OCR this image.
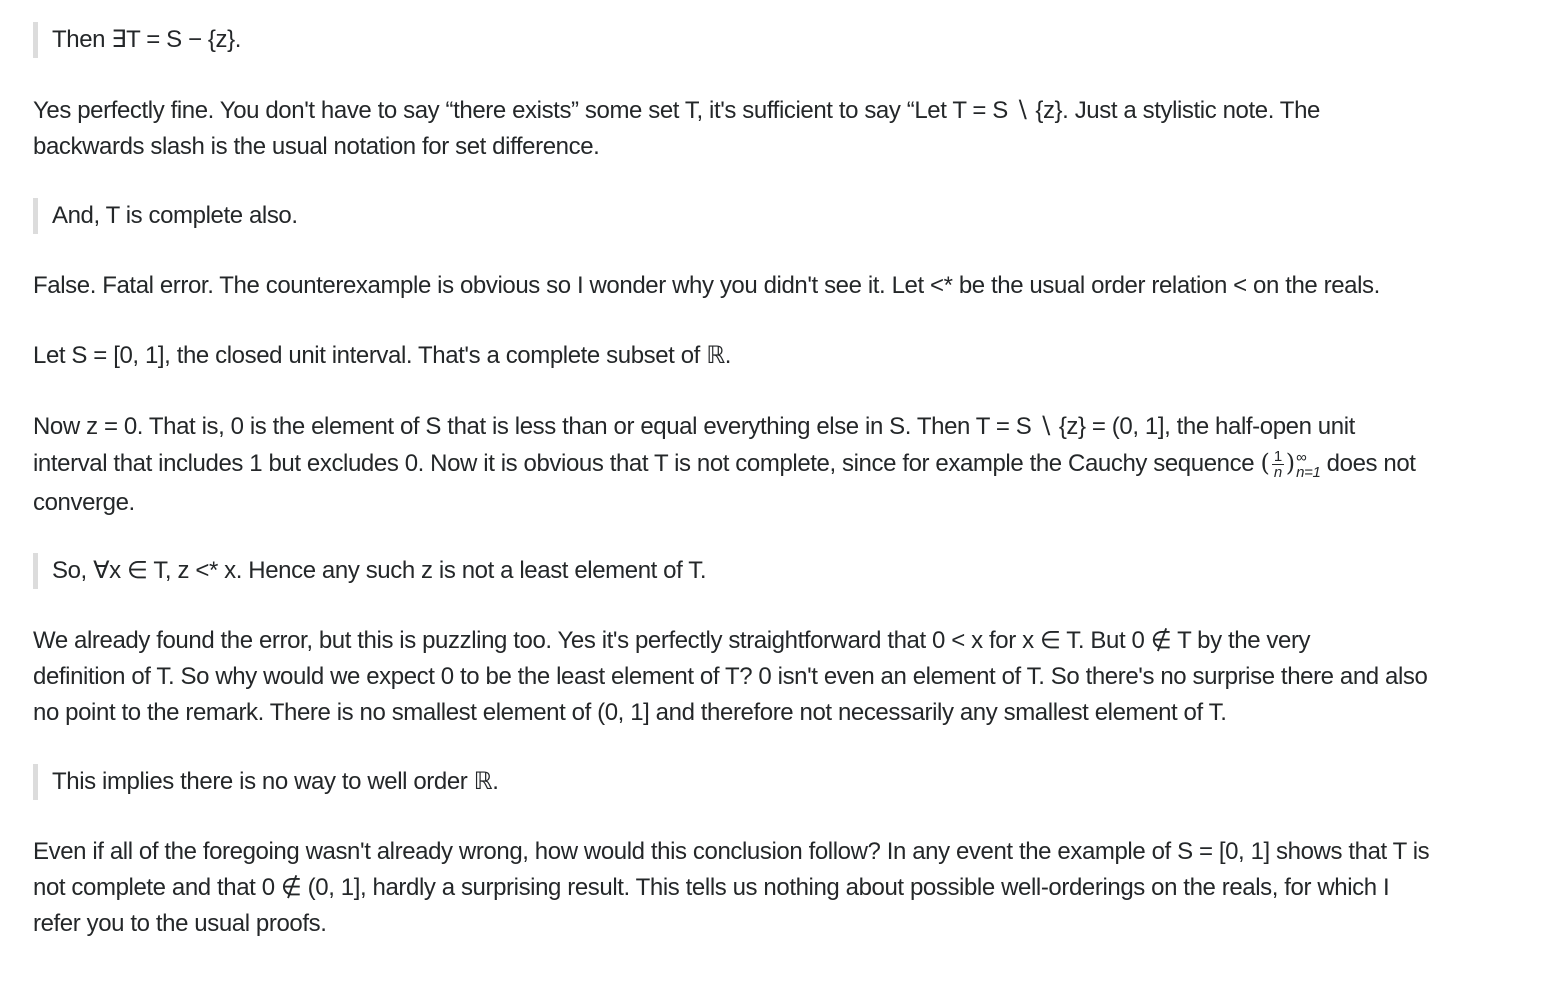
Then ∃T = S − {z}.
Yes perfectly fine. You don't have to say “there exists” some set T, it's sufficient to say “Let T = S ∖ {z}. Just a stylistic note. The
backwards slash is the usual notation for set difference.
And, T is complete also.
False. Fatal error. The counterexample is obvious so I wonder why you didn't see it. Let <* be the usual order relation < on the reals.
Let S = [0, 1], the closed unit interval. That's a complete subset of ℝ.
Now z = 0. That is, 0 is the element of S that is less than or equal everything else in S. Then T = S ∖ {z} = (0, 1], the half-open unit
interval that includes 1 but excludes 0. Now it is obvious that T is not complete, since for example the Cauchy sequence ( $\frac{1}{n}$ ) ∞
n=1 does not
converge.
So, ∀x ∈ T, z <* x. Hence any such z is not a least element of T.
We already found the error, but this is puzzling too. Yes it's perfectly straightforward that 0 < x for x ∈ T. But 0 ∉ T by the very
definition of T. So why would we expect 0 to be the least element of T? 0 isn't even an element of T. So there's no surprise there and also
no point to the remark. There is no smallest element of (0, 1] and therefore not necessarily any smallest element of T.
This implies there is no way to well order ℝ.
Even if all of the foregoing wasn't already wrong, how would this conclusion follow? In any event the example of S = [0, 1] shows that T is
not complete and that 0 ∉ (0, 1], hardly a surprising result. This tells us nothing about possible well-orderings on the reals, for which I
refer you to the usual proofs.
